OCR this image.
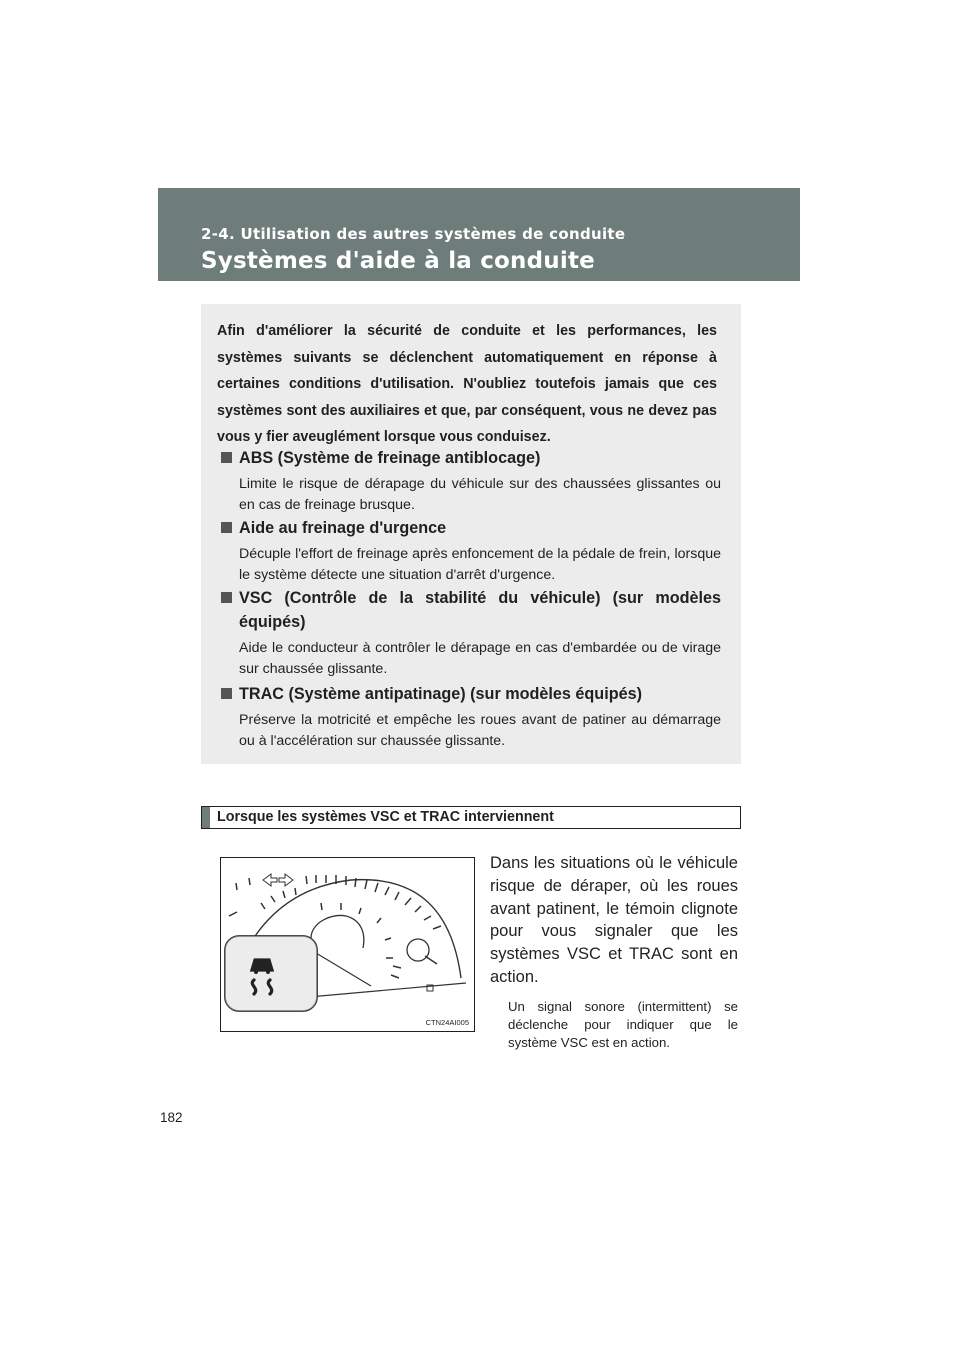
2-4. Utilisation des autres systèmes de conduite
Systèmes d'aide à la conduite
Afin d'améliorer la sécurité de conduite et les performances, les systèmes suivants se déclenchent automatiquement en réponse à certaines conditions d'utilisation. N'oubliez toutefois jamais que ces systèmes sont des auxiliaires et que, par conséquent, vous ne devez pas vous y fier aveuglément lorsque vous conduisez.
ABS (Système de freinage antiblocage)
Limite le risque de dérapage du véhicule sur des chaussées glissantes ou en cas de freinage brusque.
Aide au freinage d'urgence
Décuple l'effort de freinage après enfoncement de la pédale de frein, lorsque le système détecte une situation d'arrêt d'urgence.
VSC (Contrôle de la stabilité du véhicule) (sur modèles équipés)
Aide le conducteur à contrôler le dérapage en cas d'embardée ou de virage sur chaussée glissante.
TRAC (Système antipatinage) (sur modèles équipés)
Préserve la motricité et empêche les roues avant de patiner au démarrage ou à l'accélération sur chaussée glissante.
Lorsque les systèmes VSC et TRAC interviennent
CTN24AI005
Dans les situations où le véhicule risque de déraper, où les roues avant patinent, le témoin clignote pour vous signaler que les systèmes VSC et TRAC sont en action.
Un signal sonore (intermittent) se déclenche pour indiquer que le système VSC est en action.
182
